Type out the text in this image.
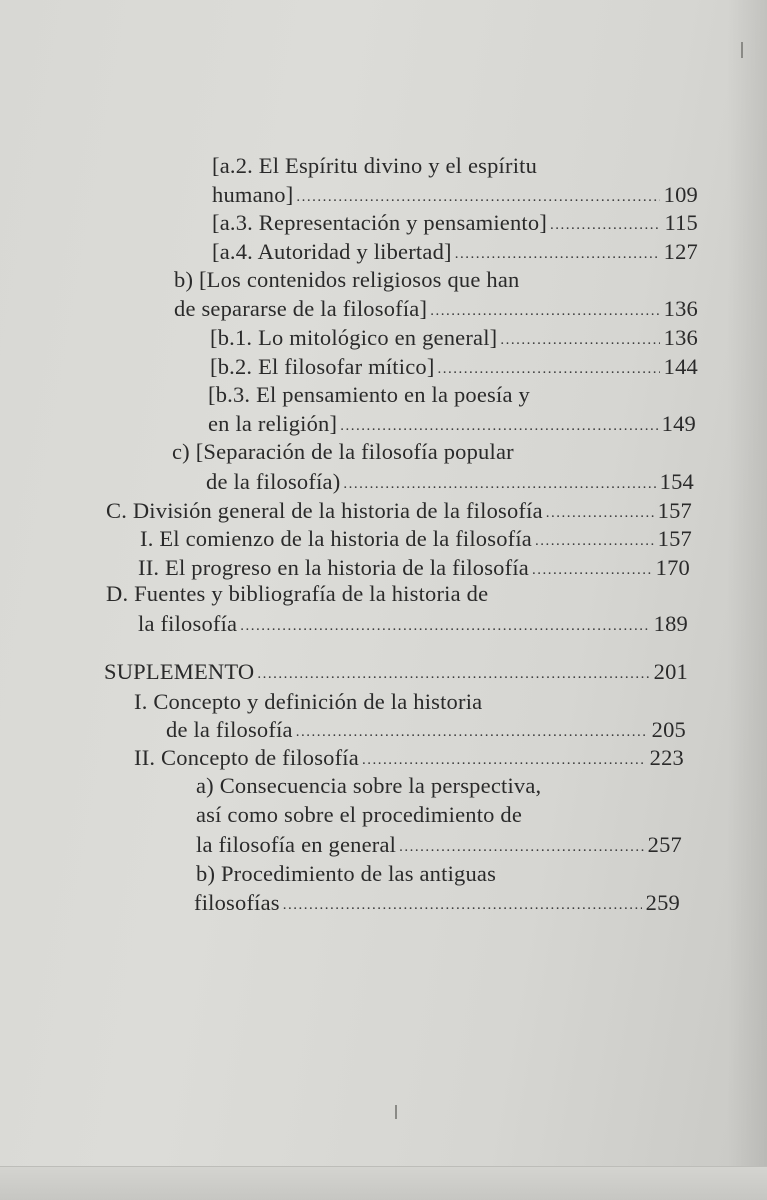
[a.2. El Espíritu divino y el espíritu
humano] .....	109
[a.3. Representación y pensamiento] .....	115
[a.4. Autoridad y libertad] .....	127
b) [Los contenidos religiosos que han
de separarse de la filosofía] .....	136
[b.1. Lo mitológico en general] .....	136
[b.2. El filosofar mítico] .....	144
[b.3. El pensamiento en la poesía y
en la religión] .....	149
c) [Separación de la filosofía popular
de la filosofía) .....	154
C. División general de la historia de la filosofía .....	157
I. El comienzo de la historia de la filosofía .....	157
II. El progreso en la historia de la filosofía .....	170
D. Fuentes y bibliografía de la historia de
la filosofía .....	189
SUPLEMENTO .....	201
I. Concepto y definición de la historia
de la filosofía .....	205
II. Concepto de filosofía .....	223
a) Consecuencia sobre la perspectiva,
así como sobre el procedimiento de
la filosofía en general .....	257
b) Procedimiento de las antiguas
filosofías .....	259
